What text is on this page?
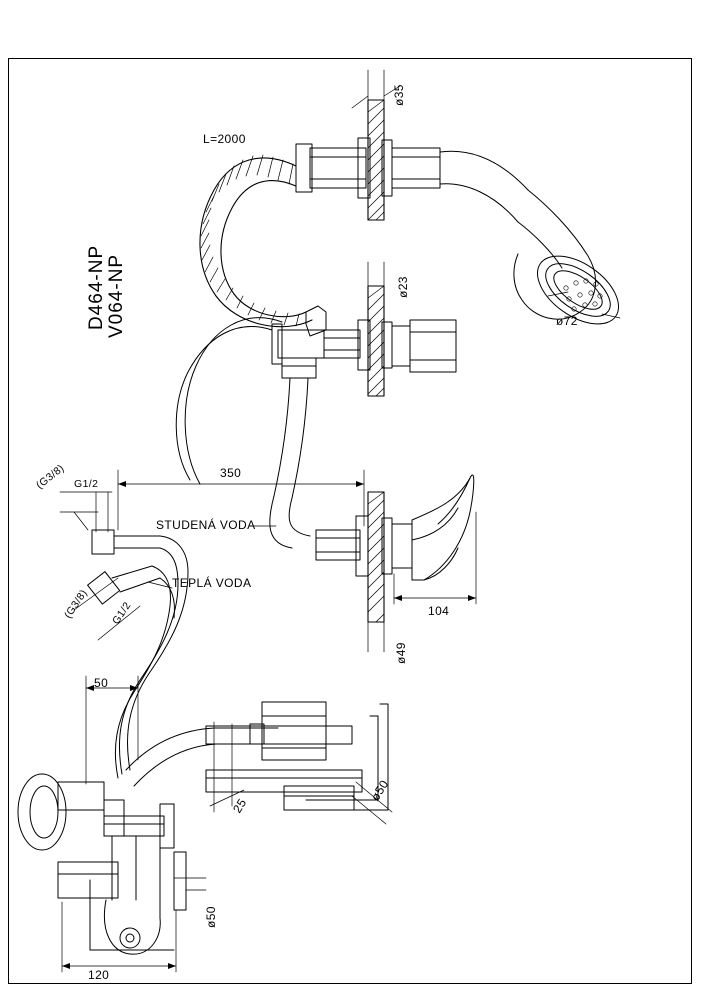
D464-NP V064-NP
L=2000
ø35
ø23
ø72
350
104
ø49
G1/2
(G3/8)
(G3/8) G1/2
STUDENÁ VODA
TEPLÁ VODA
50
25
ø50
ø50
120
